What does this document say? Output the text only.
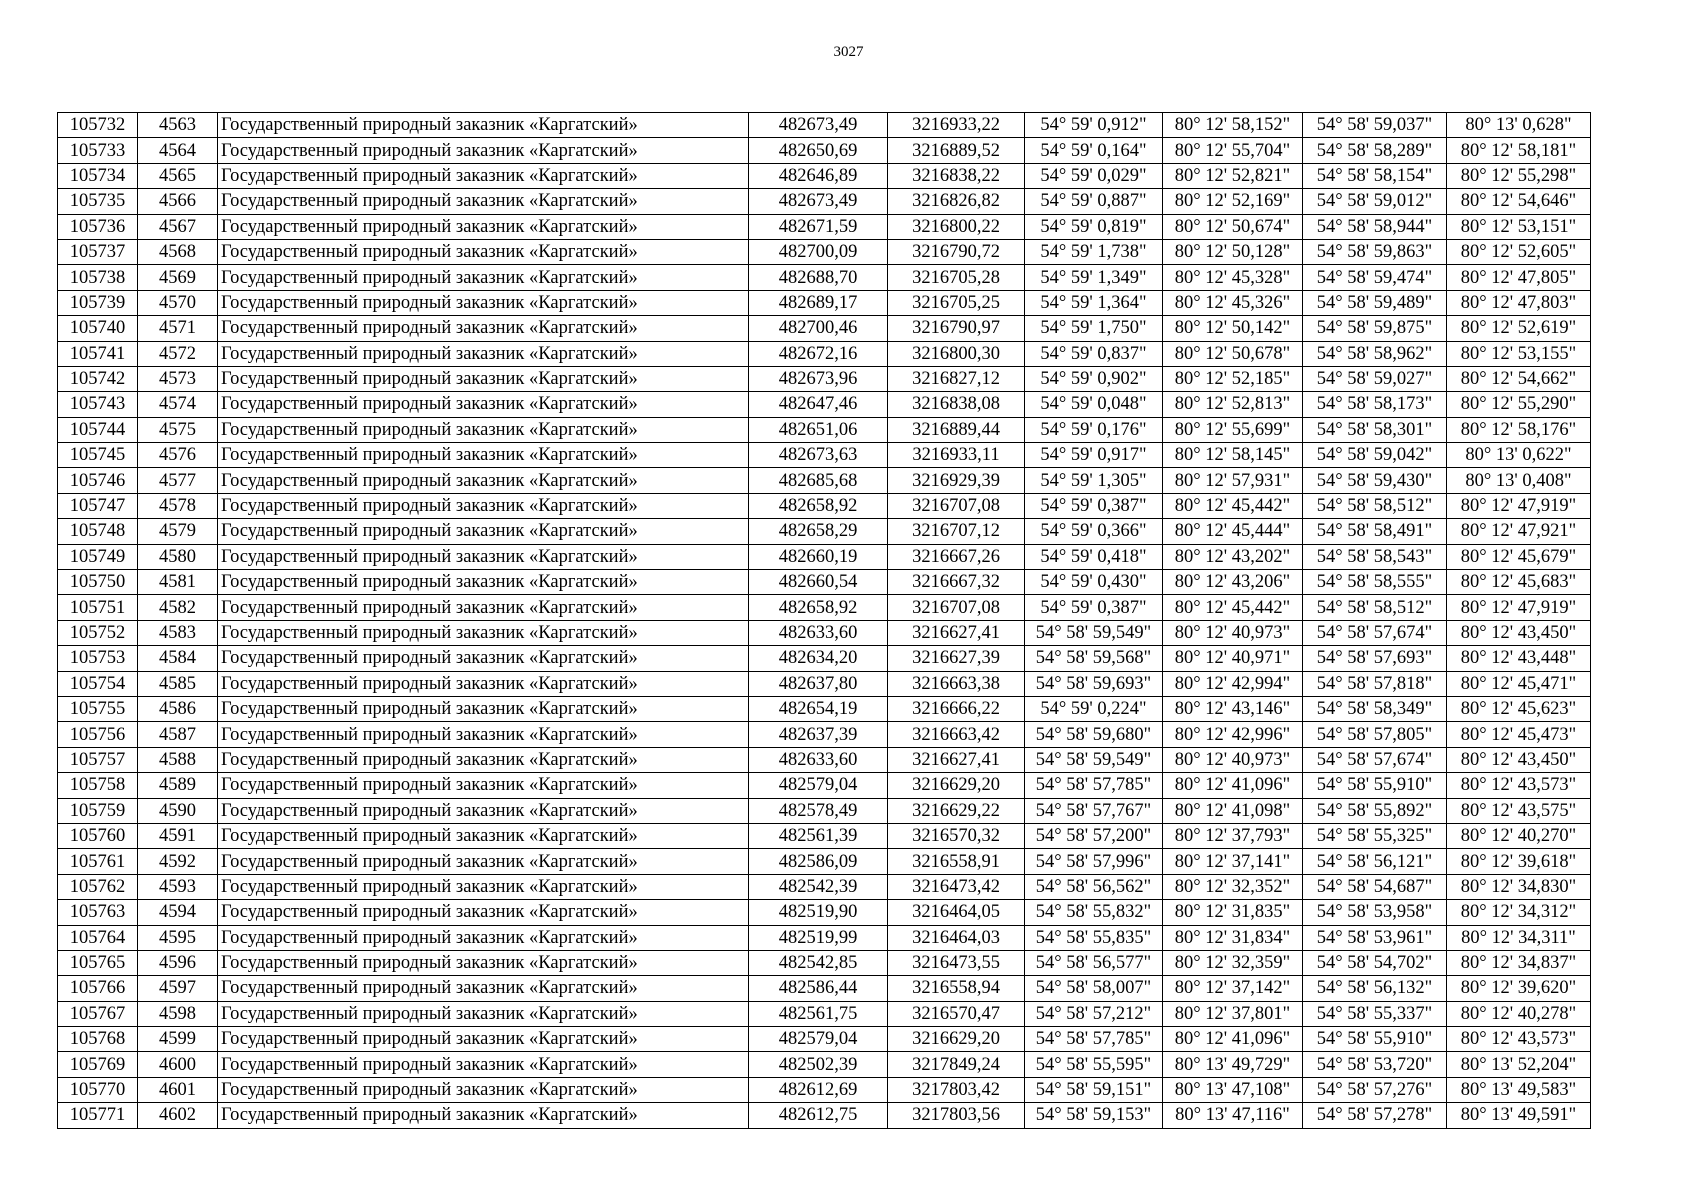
3027
105732	4563	Государственный природный заказник «Каргатский»	482673,49	3216933,22	54° 59' 0,912"	80° 12' 58,152"	54° 58' 59,037"	80° 13' 0,628"
105733	4564	Государственный природный заказник «Каргатский»	482650,69	3216889,52	54° 59' 0,164"	80° 12' 55,704"	54° 58' 58,289"	80° 12' 58,181"
105734	4565	Государственный природный заказник «Каргатский»	482646,89	3216838,22	54° 59' 0,029"	80° 12' 52,821"	54° 58' 58,154"	80° 12' 55,298"
105735	4566	Государственный природный заказник «Каргатский»	482673,49	3216826,82	54° 59' 0,887"	80° 12' 52,169"	54° 58' 59,012"	80° 12' 54,646"
105736	4567	Государственный природный заказник «Каргатский»	482671,59	3216800,22	54° 59' 0,819"	80° 12' 50,674"	54° 58' 58,944"	80° 12' 53,151"
105737	4568	Государственный природный заказник «Каргатский»	482700,09	3216790,72	54° 59' 1,738"	80° 12' 50,128"	54° 58' 59,863"	80° 12' 52,605"
105738	4569	Государственный природный заказник «Каргатский»	482688,70	3216705,28	54° 59' 1,349"	80° 12' 45,328"	54° 58' 59,474"	80° 12' 47,805"
105739	4570	Государственный природный заказник «Каргатский»	482689,17	3216705,25	54° 59' 1,364"	80° 12' 45,326"	54° 58' 59,489"	80° 12' 47,803"
105740	4571	Государственный природный заказник «Каргатский»	482700,46	3216790,97	54° 59' 1,750"	80° 12' 50,142"	54° 58' 59,875"	80° 12' 52,619"
105741	4572	Государственный природный заказник «Каргатский»	482672,16	3216800,30	54° 59' 0,837"	80° 12' 50,678"	54° 58' 58,962"	80° 12' 53,155"
105742	4573	Государственный природный заказник «Каргатский»	482673,96	3216827,12	54° 59' 0,902"	80° 12' 52,185"	54° 58' 59,027"	80° 12' 54,662"
105743	4574	Государственный природный заказник «Каргатский»	482647,46	3216838,08	54° 59' 0,048"	80° 12' 52,813"	54° 58' 58,173"	80° 12' 55,290"
105744	4575	Государственный природный заказник «Каргатский»	482651,06	3216889,44	54° 59' 0,176"	80° 12' 55,699"	54° 58' 58,301"	80° 12' 58,176"
105745	4576	Государственный природный заказник «Каргатский»	482673,63	3216933,11	54° 59' 0,917"	80° 12' 58,145"	54° 58' 59,042"	80° 13' 0,622"
105746	4577	Государственный природный заказник «Каргатский»	482685,68	3216929,39	54° 59' 1,305"	80° 12' 57,931"	54° 58' 59,430"	80° 13' 0,408"
105747	4578	Государственный природный заказник «Каргатский»	482658,92	3216707,08	54° 59' 0,387"	80° 12' 45,442"	54° 58' 58,512"	80° 12' 47,919"
105748	4579	Государственный природный заказник «Каргатский»	482658,29	3216707,12	54° 59' 0,366"	80° 12' 45,444"	54° 58' 58,491"	80° 12' 47,921"
105749	4580	Государственный природный заказник «Каргатский»	482660,19	3216667,26	54° 59' 0,418"	80° 12' 43,202"	54° 58' 58,543"	80° 12' 45,679"
105750	4581	Государственный природный заказник «Каргатский»	482660,54	3216667,32	54° 59' 0,430"	80° 12' 43,206"	54° 58' 58,555"	80° 12' 45,683"
105751	4582	Государственный природный заказник «Каргатский»	482658,92	3216707,08	54° 59' 0,387"	80° 12' 45,442"	54° 58' 58,512"	80° 12' 47,919"
105752	4583	Государственный природный заказник «Каргатский»	482633,60	3216627,41	54° 58' 59,549"	80° 12' 40,973"	54° 58' 57,674"	80° 12' 43,450"
105753	4584	Государственный природный заказник «Каргатский»	482634,20	3216627,39	54° 58' 59,568"	80° 12' 40,971"	54° 58' 57,693"	80° 12' 43,448"
105754	4585	Государственный природный заказник «Каргатский»	482637,80	3216663,38	54° 58' 59,693"	80° 12' 42,994"	54° 58' 57,818"	80° 12' 45,471"
105755	4586	Государственный природный заказник «Каргатский»	482654,19	3216666,22	54° 59' 0,224"	80° 12' 43,146"	54° 58' 58,349"	80° 12' 45,623"
105756	4587	Государственный природный заказник «Каргатский»	482637,39	3216663,42	54° 58' 59,680"	80° 12' 42,996"	54° 58' 57,805"	80° 12' 45,473"
105757	4588	Государственный природный заказник «Каргатский»	482633,60	3216627,41	54° 58' 59,549"	80° 12' 40,973"	54° 58' 57,674"	80° 12' 43,450"
105758	4589	Государственный природный заказник «Каргатский»	482579,04	3216629,20	54° 58' 57,785"	80° 12' 41,096"	54° 58' 55,910"	80° 12' 43,573"
105759	4590	Государственный природный заказник «Каргатский»	482578,49	3216629,22	54° 58' 57,767"	80° 12' 41,098"	54° 58' 55,892"	80° 12' 43,575"
105760	4591	Государственный природный заказник «Каргатский»	482561,39	3216570,32	54° 58' 57,200"	80° 12' 37,793"	54° 58' 55,325"	80° 12' 40,270"
105761	4592	Государственный природный заказник «Каргатский»	482586,09	3216558,91	54° 58' 57,996"	80° 12' 37,141"	54° 58' 56,121"	80° 12' 39,618"
105762	4593	Государственный природный заказник «Каргатский»	482542,39	3216473,42	54° 58' 56,562"	80° 12' 32,352"	54° 58' 54,687"	80° 12' 34,830"
105763	4594	Государственный природный заказник «Каргатский»	482519,90	3216464,05	54° 58' 55,832"	80° 12' 31,835"	54° 58' 53,958"	80° 12' 34,312"
105764	4595	Государственный природный заказник «Каргатский»	482519,99	3216464,03	54° 58' 55,835"	80° 12' 31,834"	54° 58' 53,961"	80° 12' 34,311"
105765	4596	Государственный природный заказник «Каргатский»	482542,85	3216473,55	54° 58' 56,577"	80° 12' 32,359"	54° 58' 54,702"	80° 12' 34,837"
105766	4597	Государственный природный заказник «Каргатский»	482586,44	3216558,94	54° 58' 58,007"	80° 12' 37,142"	54° 58' 56,132"	80° 12' 39,620"
105767	4598	Государственный природный заказник «Каргатский»	482561,75	3216570,47	54° 58' 57,212"	80° 12' 37,801"	54° 58' 55,337"	80° 12' 40,278"
105768	4599	Государственный природный заказник «Каргатский»	482579,04	3216629,20	54° 58' 57,785"	80° 12' 41,096"	54° 58' 55,910"	80° 12' 43,573"
105769	4600	Государственный природный заказник «Каргатский»	482502,39	3217849,24	54° 58' 55,595"	80° 13' 49,729"	54° 58' 53,720"	80° 13' 52,204"
105770	4601	Государственный природный заказник «Каргатский»	482612,69	3217803,42	54° 58' 59,151"	80° 13' 47,108"	54° 58' 57,276"	80° 13' 49,583"
105771	4602	Государственный природный заказник «Каргатский»	482612,75	3217803,56	54° 58' 59,153"	80° 13' 47,116"	54° 58' 57,278"	80° 13' 49,591"
